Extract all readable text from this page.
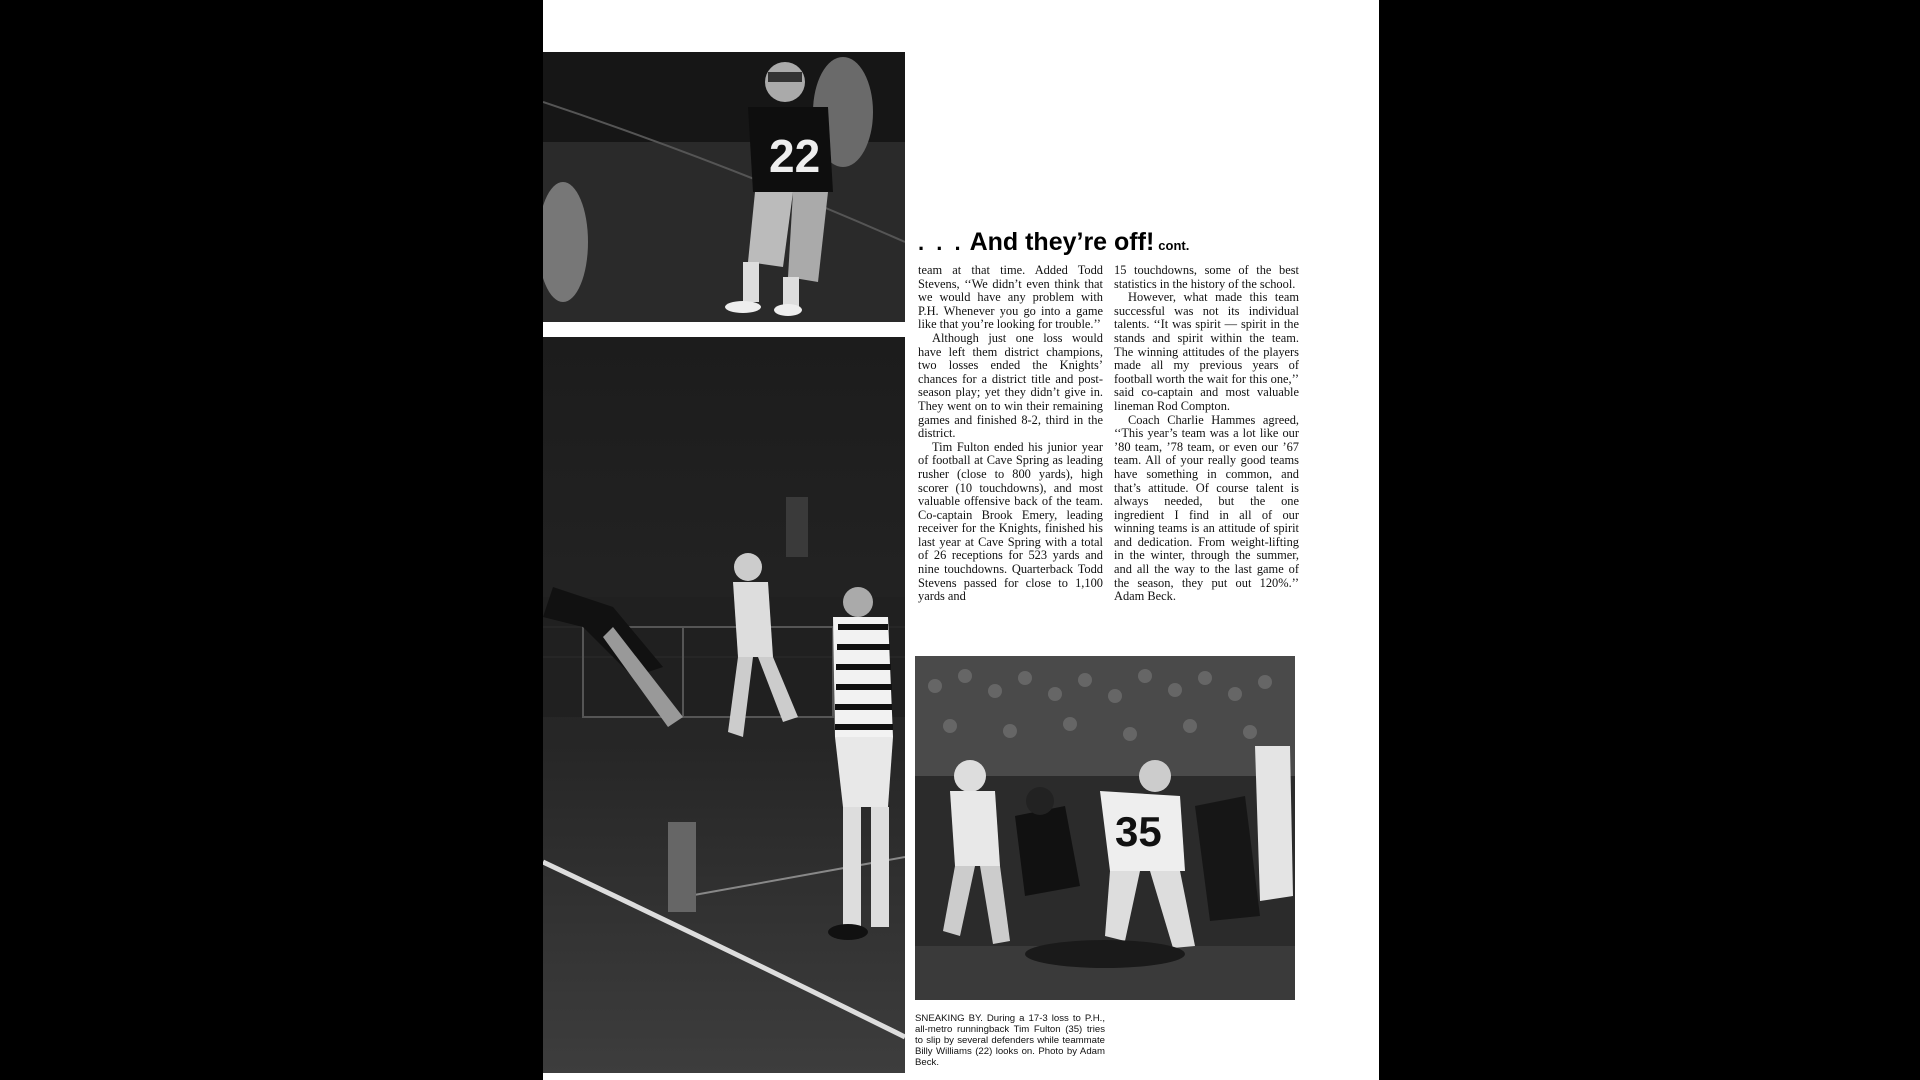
22
. . . And they’re off! cont.

team at that time. Added Todd Stevens, ‘‘We didn’t even think that we would have any problem with P.H. Whenever you go into a game like that you’re looking for trouble.’’

Although just one loss would have left them district champions, two losses ended the Knights’ chances for a district title and post-season play; yet they didn’t give in. They went on to win their remaining games and finished 8-2, third in the district.

Tim Fulton ended his junior year of football at Cave Spring as leading rusher (close to 800 yards), high scorer (10 touchdowns), and most valuable offensive back of the team. Co-captain Brook Emery, leading receiver for the Knights, finished his last year at Cave Spring with a total of 26 receptions for 523 yards and nine touchdowns. Quarterback Todd Stevens passed for close to 1,100 yards and

15 touchdowns, some of the best statistics in the history of the school.

However, what made this team successful was not its individual talents. ‘‘It was spirit — spirit in the stands and spirit within the team. The winning attitudes of the players made all my previous years of football worth the wait for this one,’’ said co-captain and most valuable lineman Rod Compton.

Coach Charlie Hammes agreed, ‘‘This year’s team was a lot like our ’80 team, ’78 team, or even our ’67 team. All of your really good teams have something in common, and that’s attitude. Of course talent is always needed, but the one ingredient I find in all of our winning teams is an attitude of spirit and dedication. From weight-lifting in the winter, through the summer, and all the way to the last game of the season, they put out 120%.’’ Adam Beck.

35
SNEAKING BY. During a 17-3 loss to P.H., all-metro runningback Tim Fulton (35) tries to slip by several defenders while teammate Billy Williams (22) looks on. Photo by Adam Beck.
